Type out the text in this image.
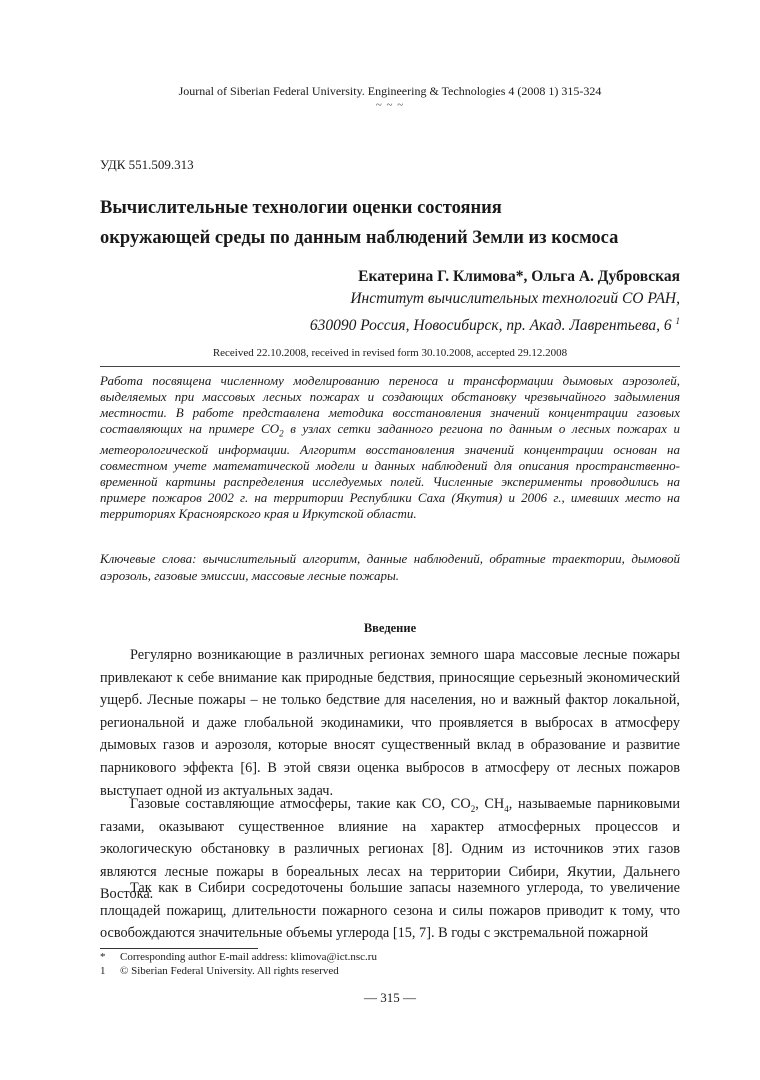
Journal of Siberian Federal University. Engineering & Technologies 4 (2008 1) 315-324
~ ~ ~
УДК 551.509.313
Вычислительные технологии оценки состояния
окружающей среды по данным наблюдений Земли из космоса
Екатерина Г. Климова*, Ольга А. Дубровская
Институт вычислительных технологий СО РАН,
630090 Россия, Новосибирск, пр. Акад. Лаврентьева, 6 $^1$
Received 22.10.2008, received in revised form 30.10.2008, accepted 29.12.2008
Работа посвящена численному моделированию переноса и трансформации дымовых аэрозолей, выделяемых при массовых лесных пожарах и создающих обстановку чрезвычайного задымления местности. В работе представлена методика восстановления значений концентрации газовых составляющих на примере $CO_2$ в узлах сетки заданного региона по данным о лесных пожарах и метеорологической информации. Алгоритм восстановления значений концентрации основан на совместном учете математической модели и данных наблюдений для описания пространственно-временной картины распределения исследуемых полей. Численные эксперименты проводились на примере пожаров 2002 г. на территории Республики Саха (Якутия) и 2006 г., имевших место на территориях Красноярского края и Иркутской области.
Ключевые слова: вычислительный алгоритм, данные наблюдений, обратные траектории, дымовой аэрозоль, газовые эмиссии, массовые лесные пожары.
Введение
Регулярно возникающие в различных регионах земного шара массовые лесные пожары привлекают к себе внимание как природные бедствия, приносящие серьезный экономический ущерб. Лесные пожары – не только бедствие для населения, но и важный фактор локальной, региональной и даже глобальной экодинамики, что проявляется в выбросах в атмосферу дымовых газов и аэрозоля, которые вносят существенный вклад в образование и развитие парникового эффекта [6]. В этой связи оценка выбросов в атмосферу от лесных пожаров выступает одной из актуальных задач.
Газовые составляющие атмосферы, такие как CO, $CO_2$, $CH_4$, называемые парниковыми газами, оказывают существенное влияние на характер атмосферных процессов и экологическую обстановку в различных регионах [8]. Одним из источников этих газов являются лесные пожары в бореальных лесах на территории Сибири, Якутии, Дальнего Востока.
Так как в Сибири сосредоточены большие запасы наземного углерода, то увеличение площадей пожарищ, длительности пожарного сезона и силы пожаров приводит к тому, что освобождаются значительные объемы углерода [15, 7]. В годы с экстремальной пожарной
* Corresponding author E-mail address: klimova@ict.nsc.ru
1 © Siberian Federal University. All rights reserved
— 315 —
